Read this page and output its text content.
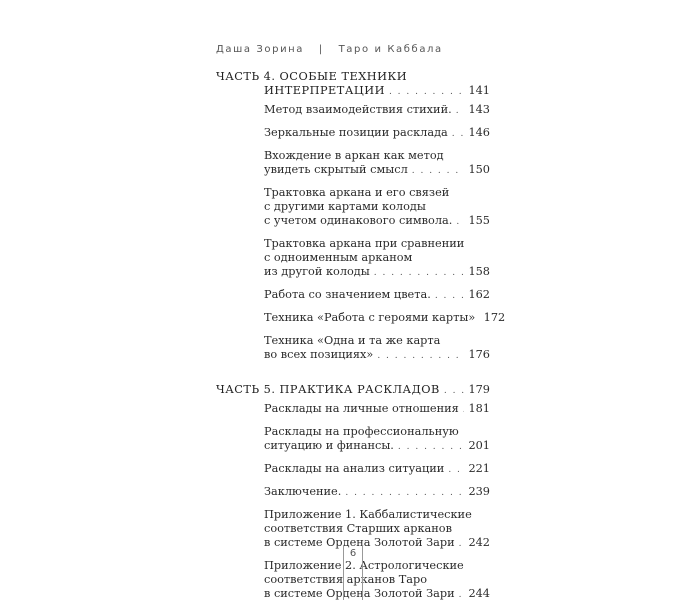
Даша Зорина | Таро и Каббала
ЧАСТЬ 4. ОСОБЫЕ ТЕХНИКИ
ИНТЕРПРЕТАЦИИ . . .	141
Метод взаимодействия стихий. . . . 143
Зеркальные позиции расклада . . . 146
Вхождение в аркан как метод
увидеть скрытый смысл . . .	150
Трактовка аркана и его связей
с другими картами колоды
с учетом одинакового символа. . . . 155
Трактовка аркана при сравнении
с одноименным арканом
из другой колоды . . .	158
Работа со значением цвета. . . .	162
Техника «Работа с героями карты» 172
Техника «Одна и та же карта
во всех позициях» . . .	176
ЧАСТЬ 5. ПРАКТИКА РАСКЛАДОВ . . .	179
Расклады на личные отношения . . . 181
Расклады на профессиональную
ситуацию и финансы. . . .	201
Расклады на анализ ситуации . . . 221
Заключение. . . .	239
Приложение 1. Каббалистические
соответствия Старших арканов
в системе Ордена Золотой Зари . . . 242
Приложение 2. Астрологические
соответствия арканов Таро
в системе Ордена Золотой Зари . . . 244
6
